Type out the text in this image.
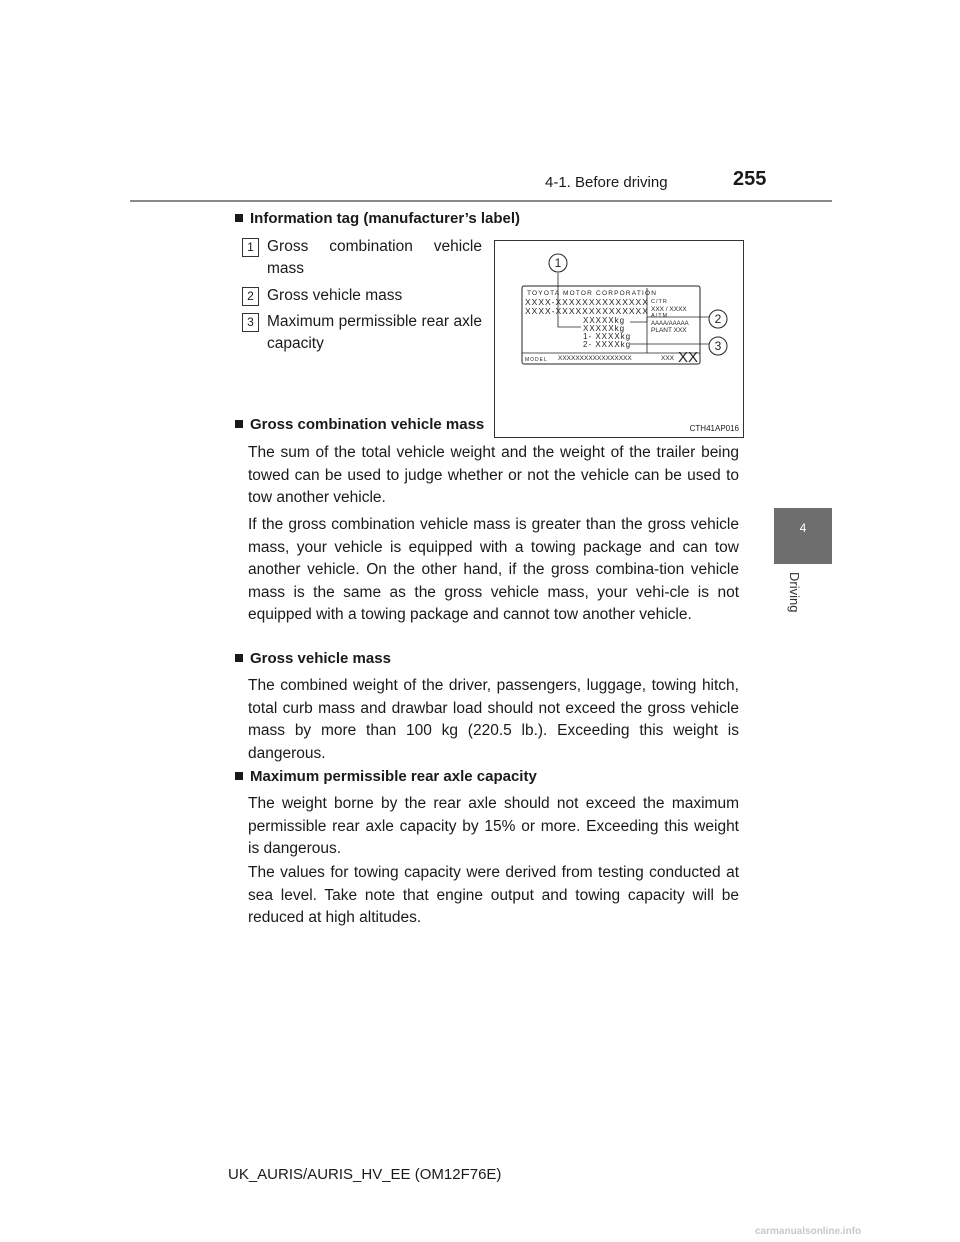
4-1. Before driving	255
4
Driving
Information tag (manufacturer’s label)
1 Gross combination vehicle mass
2 Gross vehicle mass
3 Maximum permissible rear axle capacity
TOYOTA MOTOR CORPORATION
XXXX-XXXXXXXXXXXXXX
XXXX-XXXXXXXXXXXXXX
XXXXXkg
XXXXXkg
1- XXXXkg
2- XXXXkg
C/TR
XXX / XXXX
A/TM
AAAA/AAAAA
PLANT XXX
MODEL XXXXXXXXXXXXXXXXX	XXX XX
1
2
3
CTH41AP016
Gross combination vehicle mass
The sum of the total vehicle weight and the weight of the trailer being towed can be used to judge whether or not the vehicle can be used to tow another vehicle.
If the gross combination vehicle mass is greater than the gross vehicle mass, your vehicle is equipped with a towing package and can tow another vehicle. On the other hand, if the gross combina-tion vehicle mass is the same as the gross vehicle mass, your vehi-cle is not equipped with a towing package and cannot tow another vehicle.
Gross vehicle mass
The combined weight of the driver, passengers, luggage, towing hitch, total curb mass and drawbar load should not exceed the gross vehicle mass by more than 100 kg (220.5 lb.). Exceeding this weight is dangerous.
Maximum permissible rear axle capacity
The weight borne by the rear axle should not exceed the maximum permissible rear axle capacity by 15% or more. Exceeding this weight is dangerous.
The values for towing capacity were derived from testing conducted at sea level. Take note that engine output and towing capacity will be reduced at high altitudes.
UK_AURIS/AURIS_HV_EE (OM12F76E)
carmanualsonline.info
